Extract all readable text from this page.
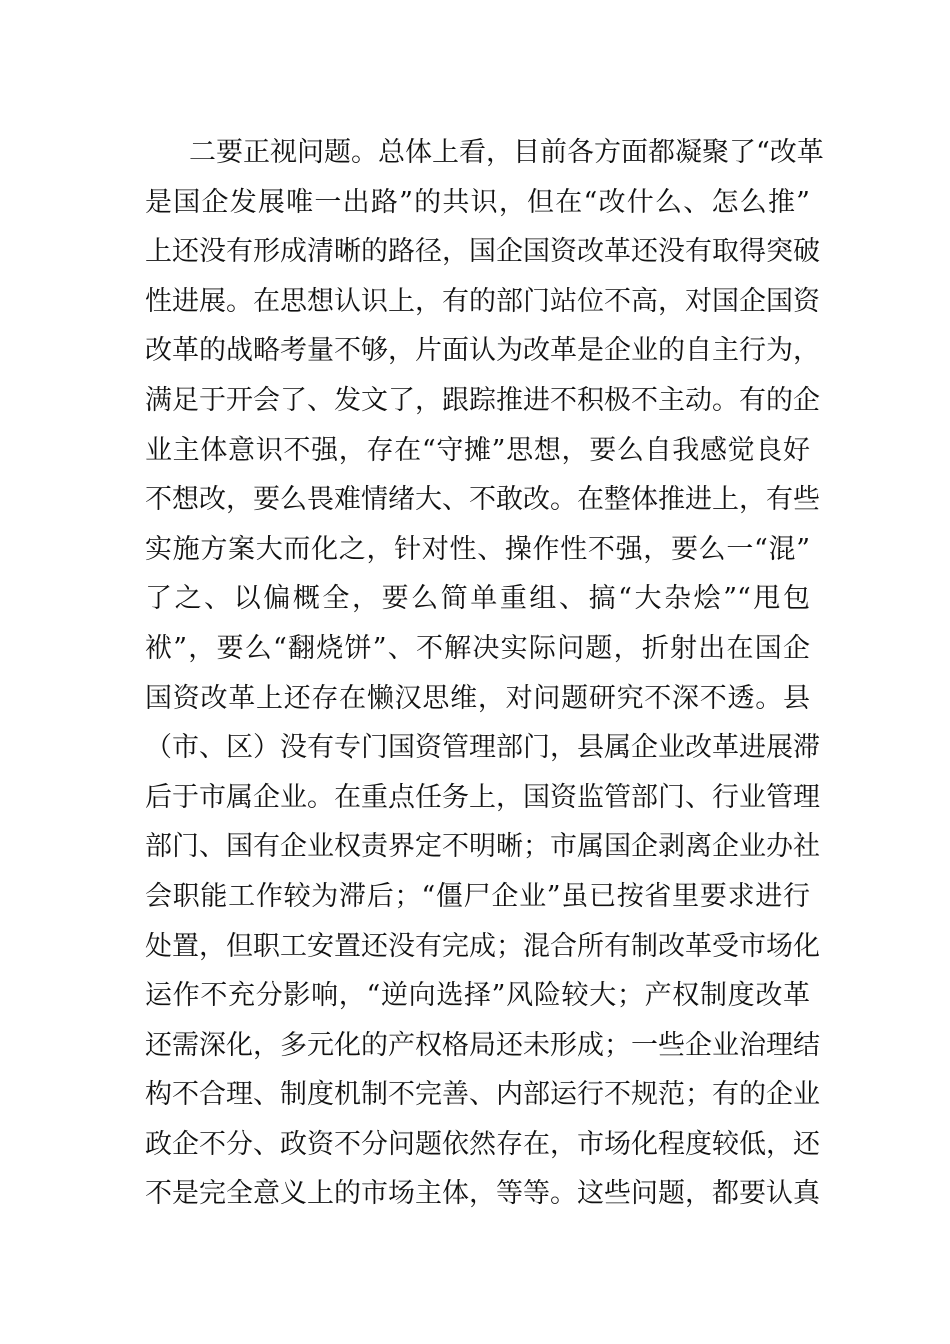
二要正视问题。总体上看，目前各方面都凝聚了“改革
是国企发展唯一出路”的共识，但在“改什么、怎么推”
上还没有形成清晰的路径，国企国资改革还没有取得突破
性进展。在思想认识上，有的部门站位不高，对国企国资
改革的战略考量不够，片面认为改革是企业的自主行为，
满足于开会了、发文了，跟踪推进不积极不主动。有的企
业主体意识不强，存在“守摊”思想，要么自我感觉良好
不想改，要么畏难情绪大、不敢改。在整体推进上，有些
实施方案大而化之，针对性、操作性不强，要么一“混”
了之、以偏概全，要么简单重组、搞“大杂烩”“甩包
袱”，要么“翻烧饼”、不解决实际问题，折射出在国企
国资改革上还存在懒汉思维，对问题研究不深不透。县
（市、区）没有专门国资管理部门，县属企业改革进展滞
后于市属企业。在重点任务上，国资监管部门、行业管理
部门、国有企业权责界定不明晰；市属国企剥离企业办社
会职能工作较为滞后；“僵尸企业”虽已按省里要求进行
处置，但职工安置还没有完成；混合所有制改革受市场化
运作不充分影响，“逆向选择”风险较大；产权制度改革
还需深化，多元化的产权格局还未形成；一些企业治理结
构不合理、制度机制不完善、内部运行不规范；有的企业
政企不分、政资不分问题依然存在，市场化程度较低，还
不是完全意义上的市场主体，等等。这些问题，都要认真
